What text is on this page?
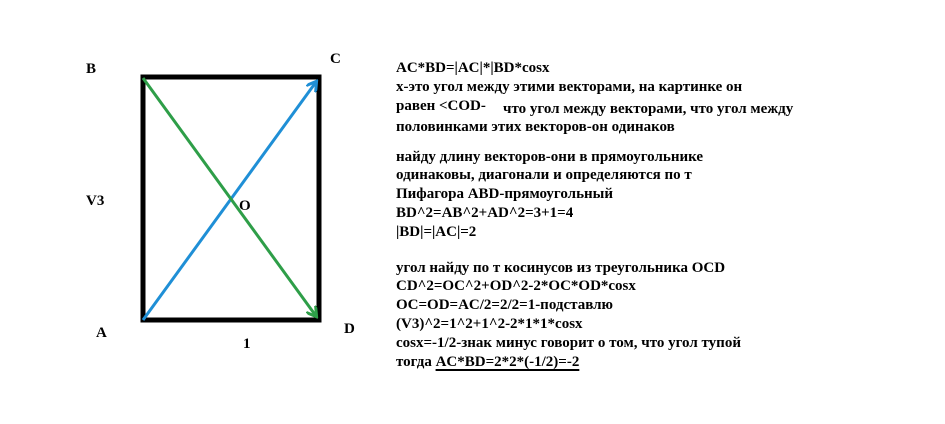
B
C
A	D
O
V3
1
AC*BD=|AC|*|BD*cosx
х-это угол между этими векторами, на картинке он
равен <COD- что угол между векторами, что угол между
половинками этих векторов-он одинаков
найду длину векторов-они в прямоугольнике
одинаковы, диагонали и определяются по т
Пифагора ABD-прямоугольный
BD^2=AB^2+AD^2=3+1=4
|BD|=|AC|=2
угол найду по т косинусов из треугольника OCD
CD^2=OC^2+OD^2-2*OC*OD*cosx
OC=OD=AC/2=2/2=1-подставлю
(V3)^2=1^2+1^2-2*1*1*cosx
cosx=-1/2-знак минус говорит о том, что угол тупой
тогда AC*BD=2*2*(-1/2)=-2
